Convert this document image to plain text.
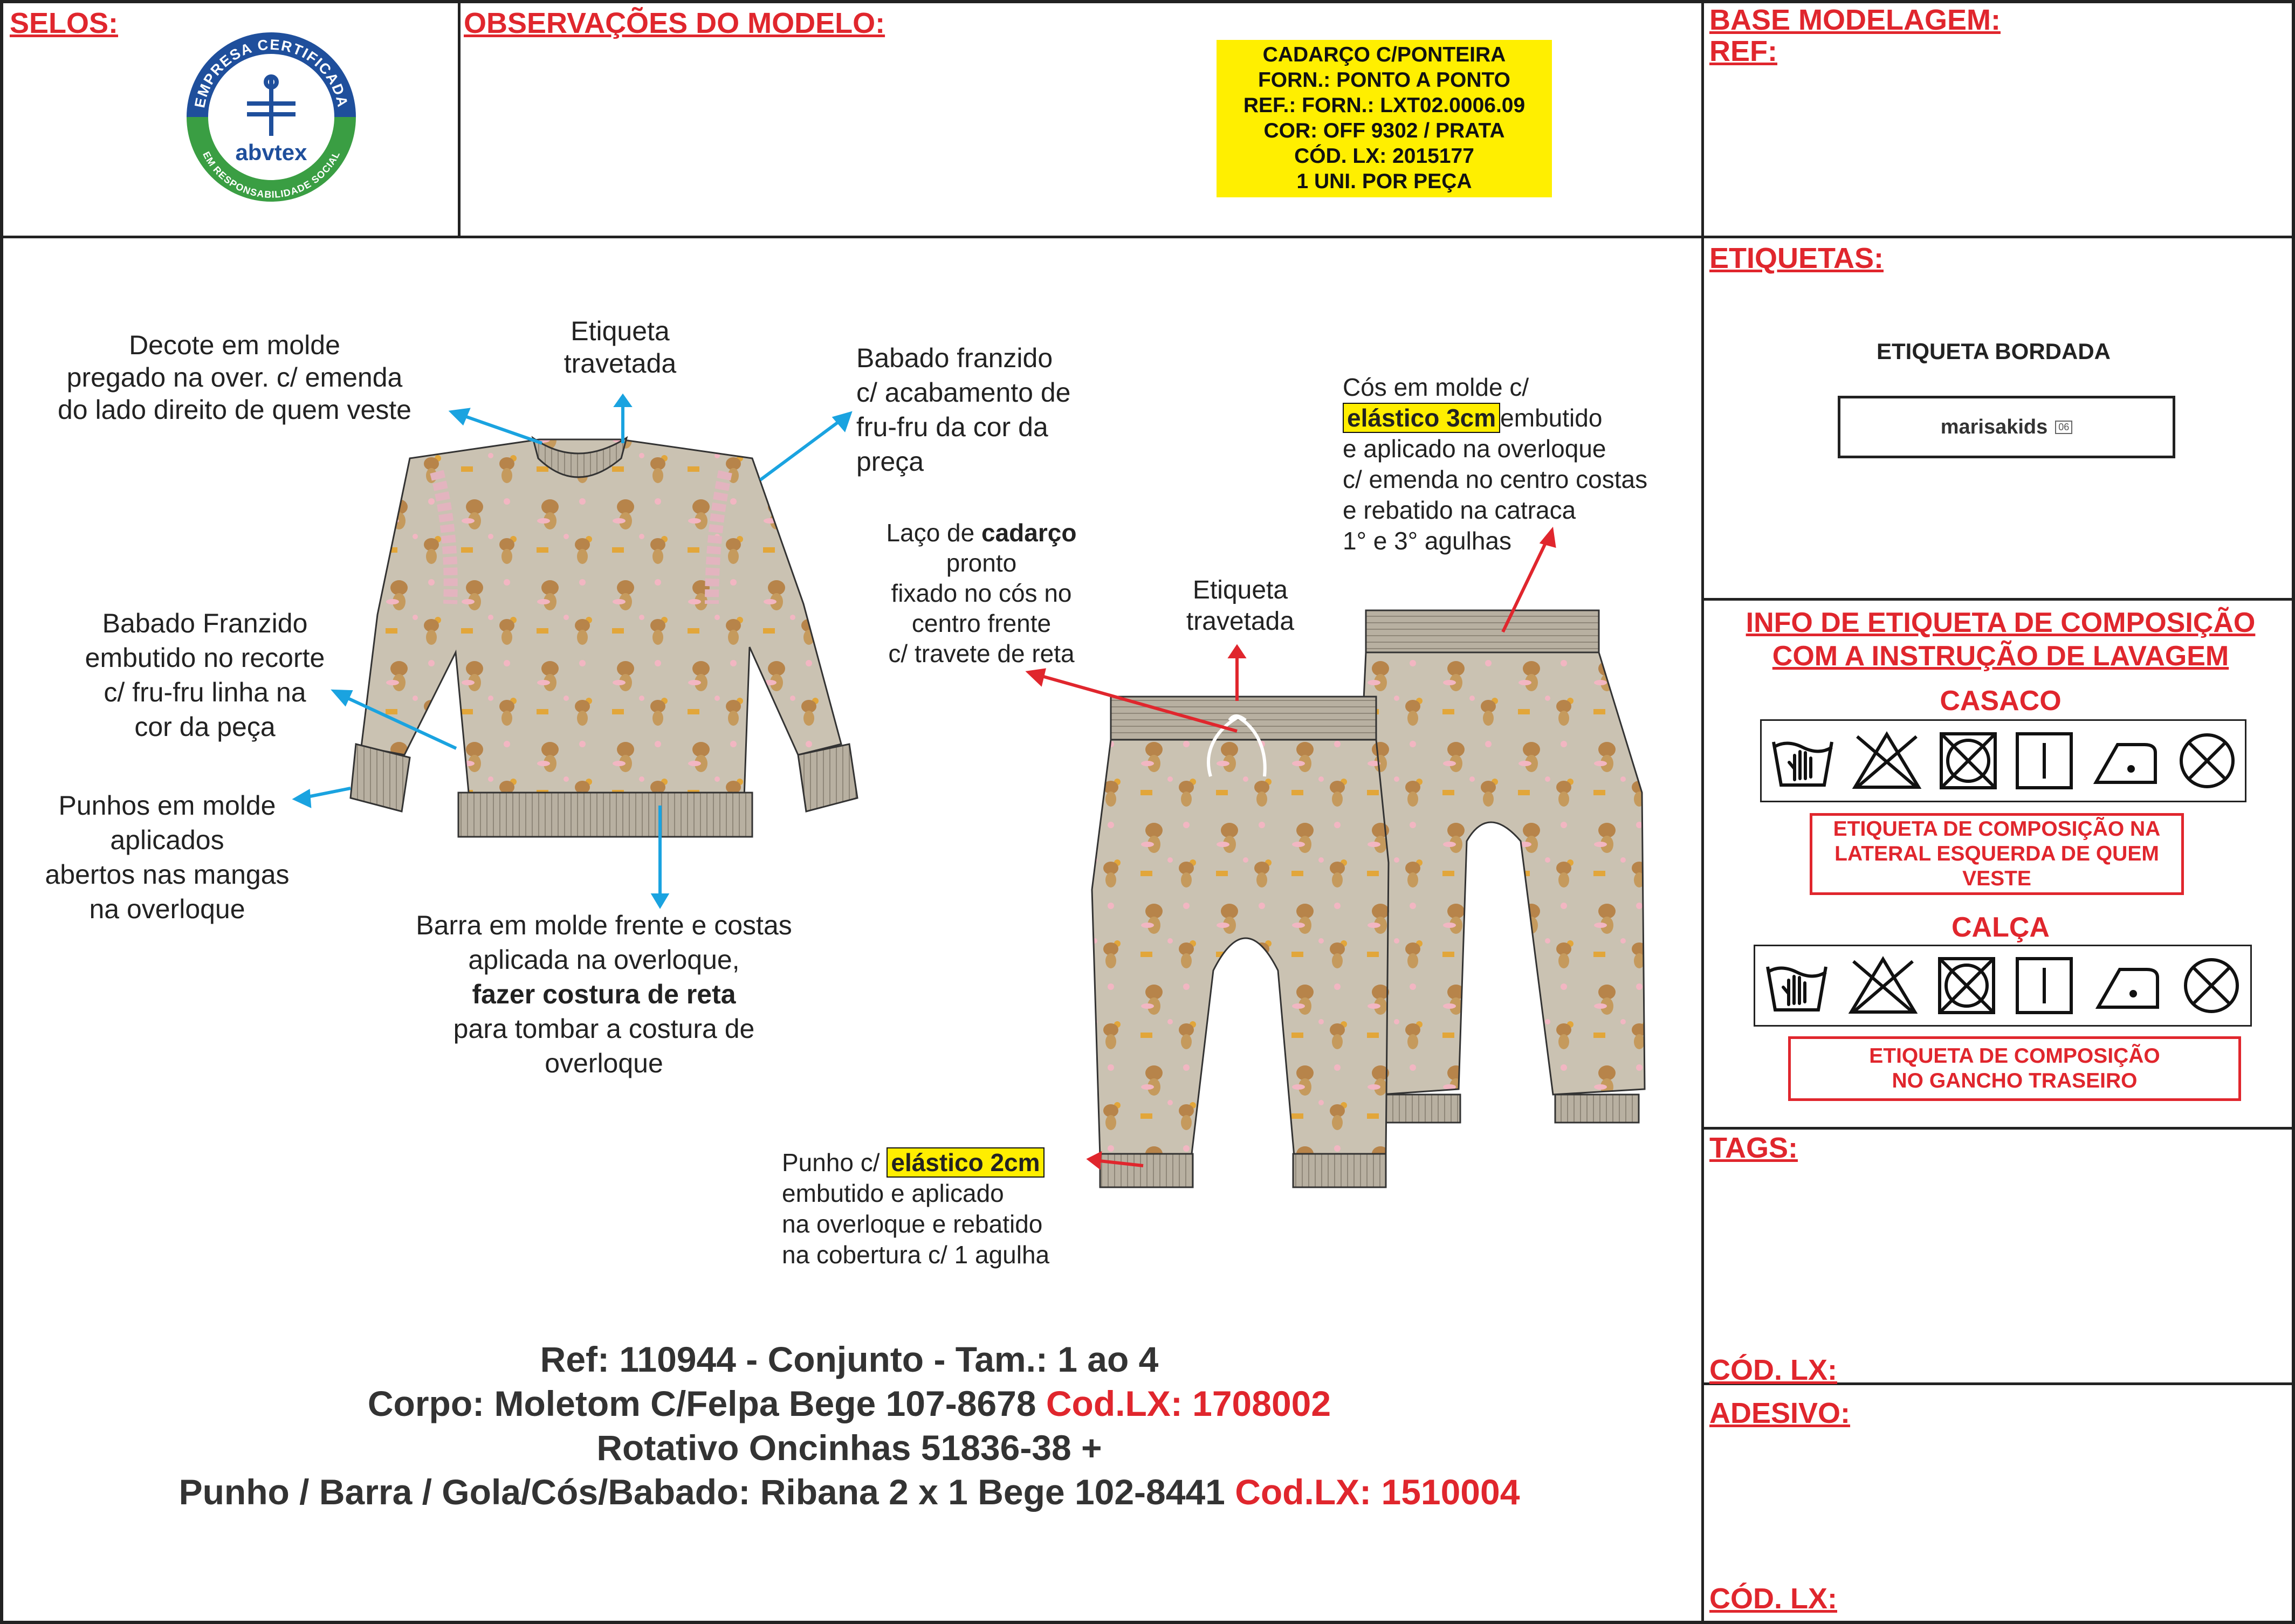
SELOS:	OBSERVAÇÕES DO MODELO:	BASE MODELAGEM:
REF:
ETIQUETAS:
TAGS:
CÓD. LX:
ADESIVO:
CÓD. LX:
EMPRESA CERTIFICADA
EM RESPONSABILIDADE SOCIAL
abvtex
CADARÇO C/PONTEIRA
FORN.: PONTO A PONTO
REF.: FORN.: LXT02.0006.09
COR: OFF 9302 / PRATA
CÓD. LX: 2015177
1 UNI. POR PEÇA
ETIQUETA BORDADA
marisakids	06
INFO DE ETIQUETA DE COMPOSIÇÃO
COM A INSTRUÇÃO DE LAVAGEM
CASACO
ETIQUETA DE COMPOSIÇÃO NA LATERAL ESQUERDA DE QUEM VESTE
CALÇA
ETIQUETA DE COMPOSIÇÃO
NO GANCHO TRASEIRO
Decote em molde
pregado na over. c/ emenda
do lado direito de quem veste
Etiqueta
travetada	Babado franzido
c/ acabamento de
fru-fru da cor da
preça
Babado Franzido
embutido no recorte
c/ fru-fru linha na
cor da peça
Punhos em molde
aplicados
abertos nas mangas
na overloque
Barra em molde frente e costas
aplicada na overloque,
fazer costura de reta
para tombar a costura de
overloque
Laço de cadarço
pronto
fixado no cós no
centro frente
c/ travete de reta
Etiqueta
travetada
Cós em molde c/
elástico 3cm embutido
e aplicado na overloque
c/ emenda no centro costas
e rebatido na catraca
1° e 3° agulhas
Punho c/ elástico 2cm
embutido e aplicado
na overloque e rebatido
na cobertura c/ 1 agulha
Ref: 110944 - Conjunto - Tam.: 1 ao 4
Corpo: Moletom C/Felpa Bege 107-8678 Cod.LX: 1708002
Rotativo Oncinhas 51836-38 +
Punho / Barra / Gola/Cós/Babado: Ribana 2 x 1 Bege 102-8441 Cod.LX: 1510004
